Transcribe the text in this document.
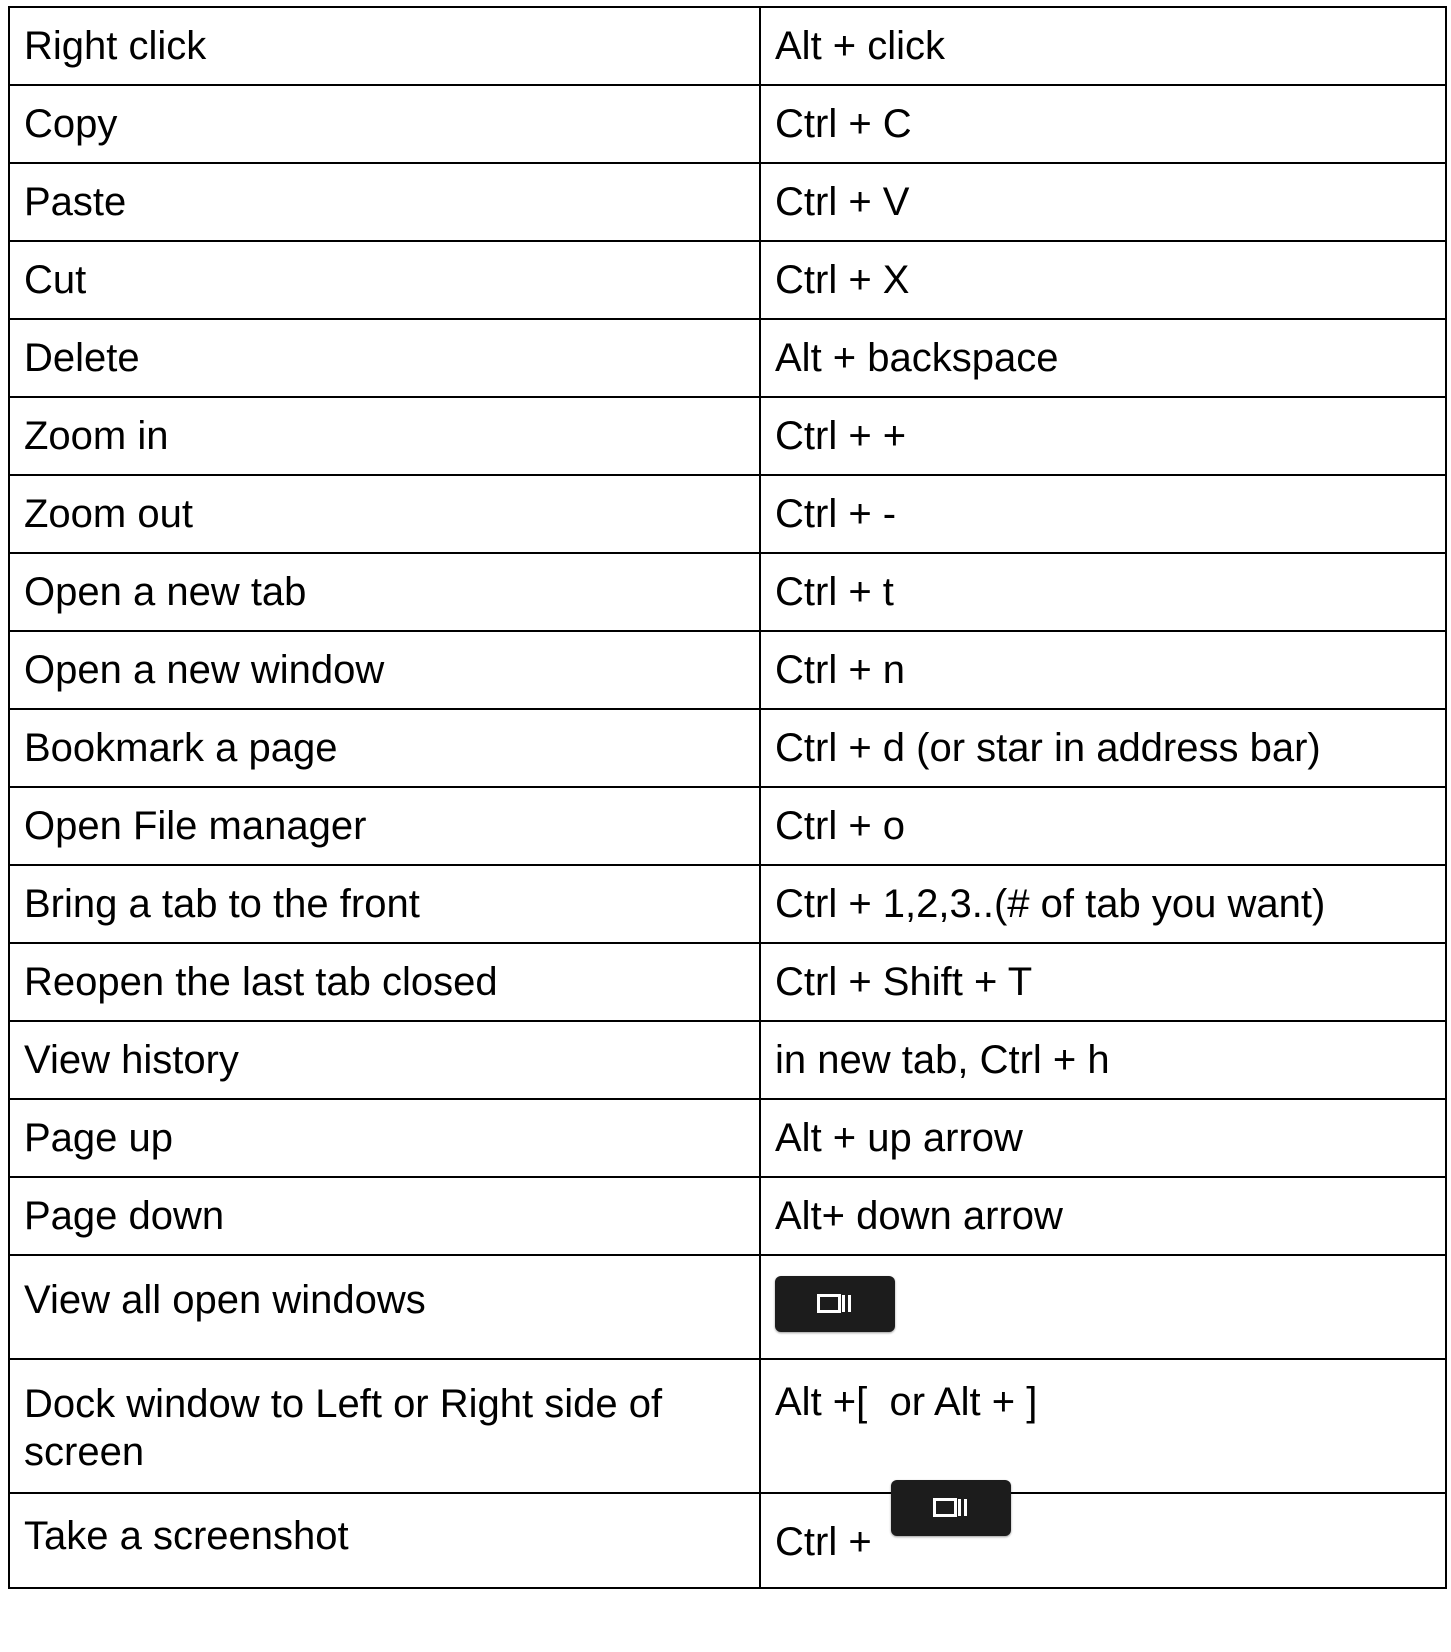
Right click	Alt + click
Copy	Ctrl + C
Paste	Ctrl + V
Cut	Ctrl + X
Delete	Alt + backspace
Zoom in	Ctrl + +
Zoom out	Ctrl + -
Open a new tab	Ctrl + t
Open a new window	Ctrl + n
Bookmark a page	Ctrl + d (or star in address bar)
Open File manager	Ctrl + o
Bring a tab to the front	Ctrl + 1,2,3..(# of tab you want)
Reopen the last tab closed	Ctrl + Shift + T
View history	in new tab, Ctrl + h
Page up	Alt + up arrow
Page down	Alt+ down arrow
View all open windows	

Dock window to Left or Right side of screen	Alt +[  or Alt + ]
Take a screenshot	Ctrl +
